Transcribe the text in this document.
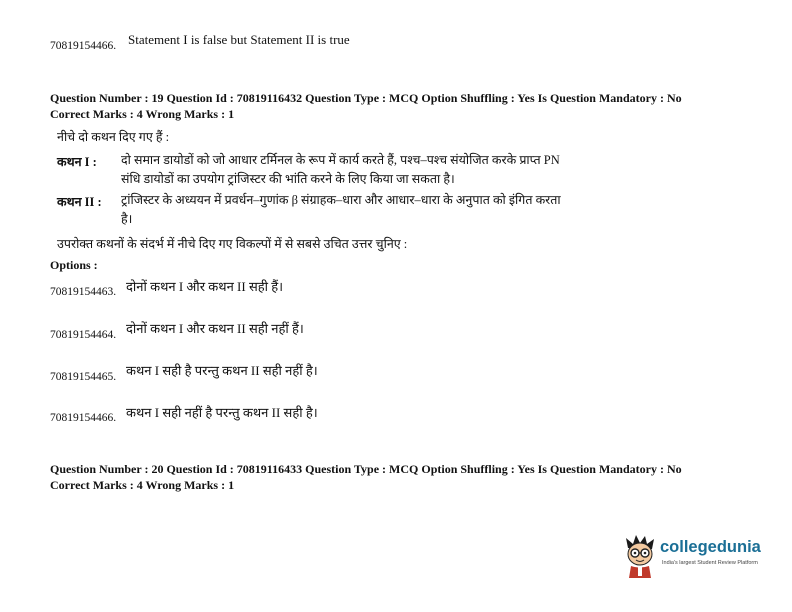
70819154466. Statement I is false but Statement II is true
Question Number : 19 Question Id : 70819116432 Question Type : MCQ Option Shuffling : Yes Is Question Mandatory : No
Correct Marks : 4 Wrong Marks : 1
नीचे दो कथन दिए गए हैं :
कथन I : दो समान डायोडों को जो आधार टर्मिनल के रूप में कार्य करते हैं, पश्च–पश्च संयोजित करके प्राप्त PN
संधि डायोडों का उपयोग ट्रांजिस्टर की भांति करने के लिए किया जा सकता है।
कथन II : ट्रांजिस्टर के अध्ययन में प्रवर्धन–गुणांक β संग्राहक–धारा और आधार–धारा के अनुपात को इंगित करता
है।
उपरोक्त कथनों के संदर्भ में नीचे दिए गए विकल्पों में से सबसे उचित उत्तर चुनिए :
Options :
70819154463. दोनों कथन I और कथन II सही हैं।
70819154464. दोनों कथन I और कथन II सही नहीं हैं।
70819154465. कथन I सही है परन्तु कथन II सही नहीं है।
70819154466. कथन I सही नहीं है परन्तु कथन II सही है।
Question Number : 20 Question Id : 70819116433 Question Type : MCQ Option Shuffling : Yes Is Question Mandatory : No
Correct Marks : 4 Wrong Marks : 1
collegedunia
India's largest Student Review Platform
